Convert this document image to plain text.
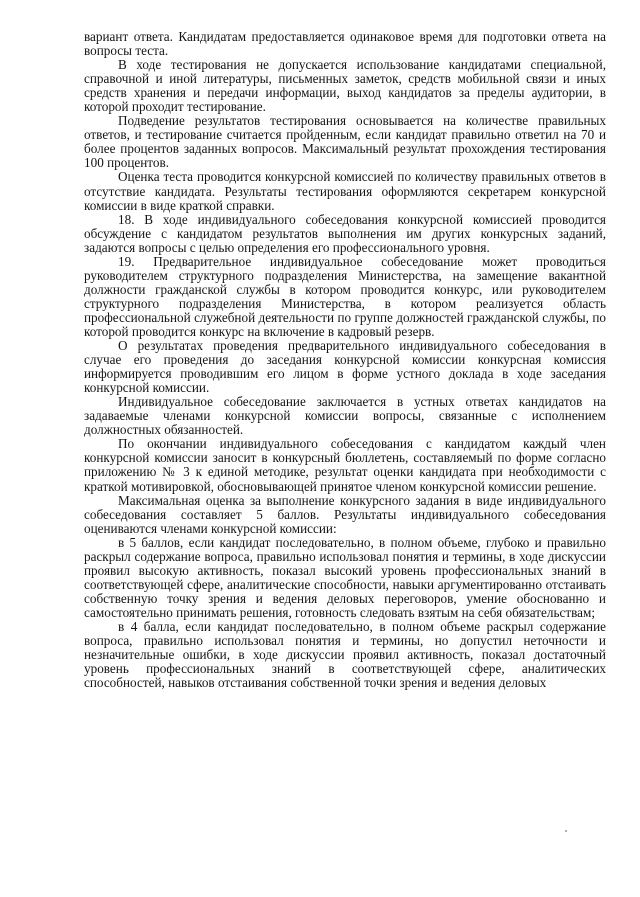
вариант ответа. Кандидатам предоставляется одинаковое время для подготовки ответа на вопросы теста.

В ходе тестирования не допускается использование кандидатами специальной, справочной и иной литературы, письменных заметок, средств мобильной связи и иных средств хранения и передачи информации, выход кандидатов за пределы аудитории, в которой проходит тестирование.

Подведение результатов тестирования основывается на количестве правильных ответов, и тестирование считается пройденным, если кандидат правильно ответил на 70 и более процентов заданных вопросов. Максимальный результат прохождения тестирования 100 процентов.

Оценка теста проводится конкурсной комиссией по количеству правильных ответов в отсутствие кандидата. Результаты тестирования оформляются секретарем конкурсной комиссии в виде краткой справки.

18. В ходе индивидуального собеседования конкурсной комиссией проводится обсуждение с кандидатом результатов выполнения им других конкурсных заданий, задаются вопросы с целью определения его профессионального уровня.

19. Предварительное индивидуальное собеседование может проводиться руководителем структурного подразделения Министерства, на замещение вакантной должности гражданской службы в котором проводится конкурс, или руководителем структурного подразделения Министерства, в котором реализуется область профессиональной служебной деятельности по группе должностей гражданской службы, по которой проводится конкурс на включение в кадровый резерв.

О результатах проведения предварительного индивидуального собеседования в случае его проведения до заседания конкурсной комиссии конкурсная комиссия информируется проводившим его лицом в форме устного доклада в ходе заседания конкурсной комиссии.

Индивидуальное собеседование заключается в устных ответах кандидатов на задаваемые членами конкурсной комиссии вопросы, связанные с исполнением должностных обязанностей.

По окончании индивидуального собеседования с кандидатом каждый член конкурсной комиссии заносит в конкурсный бюллетень, составляемый по форме согласно приложению № 3 к единой методике, результат оценки кандидата при необходимости с краткой мотивировкой, обосновывающей принятое членом конкурсной комиссии решение.

Максимальная оценка за выполнение конкурсного задания в виде индивидуального собеседования составляет 5 баллов. Результаты индивидуального собеседования оцениваются членами конкурсной комиссии:

в 5 баллов, если кандидат последовательно, в полном объеме, глубоко и правильно раскрыл содержание вопроса, правильно использовал понятия и термины, в ходе дискуссии проявил высокую активность, показал высокий уровень профессиональных знаний в соответствующей сфере, аналитические способности, навыки аргументированно отстаивать собственную точку зрения и ведения деловых переговоров, умение обоснованно и самостоятельно принимать решения, готовность следовать взятым на себя обязательствам;

в 4 балла, если кандидат последовательно, в полном объеме раскрыл содержание вопроса, правильно использовал понятия и термины, но допустил неточности и незначительные ошибки, в ходе дискуссии проявил активность, показал достаточный уровень профессиональных знаний в соответствующей сфере, аналитических способностей, навыков отстаивания собственной точки зрения и ведения деловых
